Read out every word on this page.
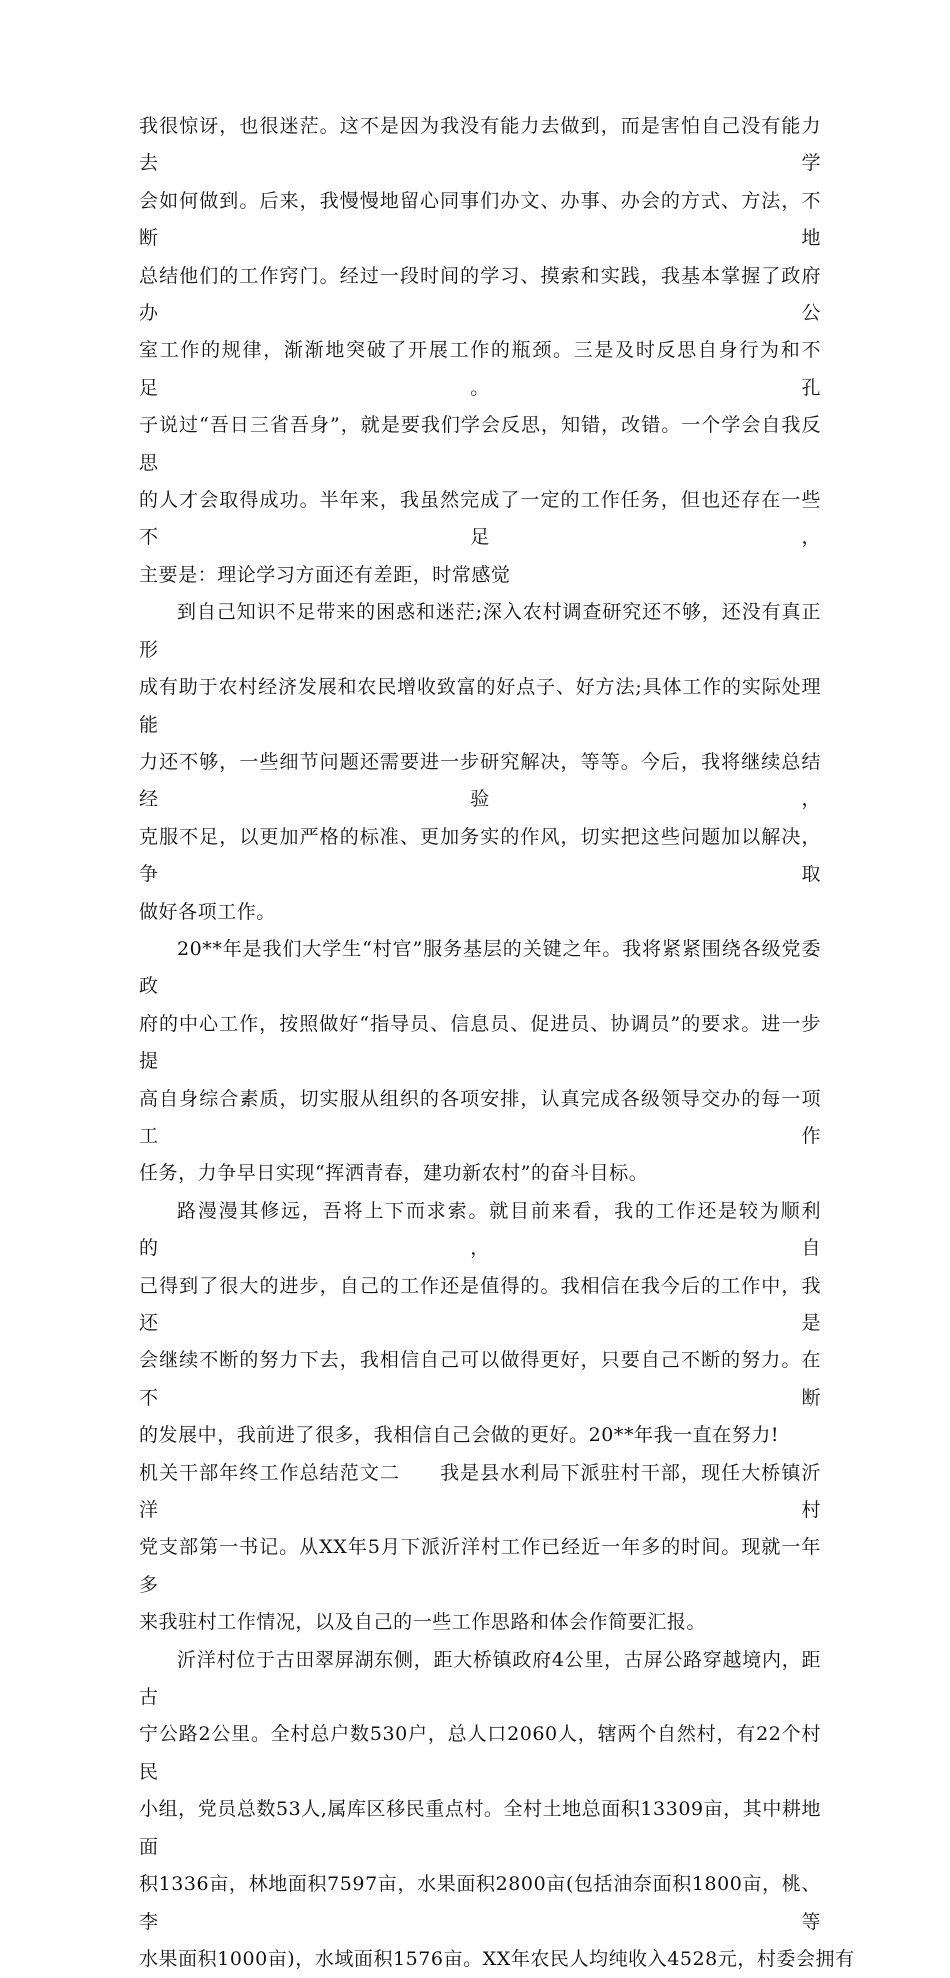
我很惊讶，也很迷茫。这不是因为我没有能力去做到，而是害怕自己没有能力去学
会如何做到。后来，我慢慢地留心同事们办文、办事、办会的方式、方法，不断地
总结他们的工作窍门。经过一段时间的学习、摸索和实践，我基本掌握了政府办公
室工作的规律，渐渐地突破了开展工作的瓶颈。三是及时反思自身行为和不足。孔
子说过“吾日三省吾身”，就是要我们学会反思，知错，改错。一个学会自我反思
的人才会取得成功。半年来，我虽然完成了一定的工作任务，但也还存在一些不足，
主要是：理论学习方面还有差距，时常感觉
到自己知识不足带来的困惑和迷茫;深入农村调查研究还不够，还没有真正形
成有助于农村经济发展和农民增收致富的好点子、好方法;具体工作的实际处理能
力还不够，一些细节问题还需要进一步研究解决，等等。今后，我将继续总结经验，
克服不足，以更加严格的标准、更加务实的作风，切实把这些问题加以解决，争取
做好各项工作。
20**年是我们大学生“村官”服务基层的关键之年。我将紧紧围绕各级党委政
府的中心工作，按照做好“指导员、信息员、促进员、协调员”的要求。进一步提
高自身综合素质，切实服从组织的各项安排，认真完成各级领导交办的每一项工作
任务，力争早日实现“挥洒青春，建功新农村”的奋斗目标。
路漫漫其修远，吾将上下而求索。就目前来看，我的工作还是较为顺利的，自
己得到了很大的进步，自己的工作还是值得的。我相信在我今后的工作中，我还是
会继续不断的努力下去，我相信自己可以做得更好，只要自己不断的努力。在不断
的发展中，我前进了很多，我相信自己会做的更好。20**年我一直在努力!
机关干部年终工作总结范文二　　我是县水利局下派驻村干部，现任大桥镇沂洋村
党支部第一书记。从XX年5月下派沂洋村工作已经近一年多的时间。现就一年多
来我驻村工作情况，以及自己的一些工作思路和体会作简要汇报。
沂洋村位于古田翠屏湖东侧，距大桥镇政府4公里，古屏公路穿越境内，距古
宁公路2公里。全村总户数530户，总人口2060人，辖两个自然村，有22个村民
小组，党员总数53人,属库区移民重点村。全村土地总面积13309亩，其中耕地面
积1336亩，林地面积7597亩，水果面积2800亩(包括油奈面积1800亩，桃、李等
水果面积1000亩)，水域面积1576亩。XX年农民人均纯收入4528元，村委会拥有
